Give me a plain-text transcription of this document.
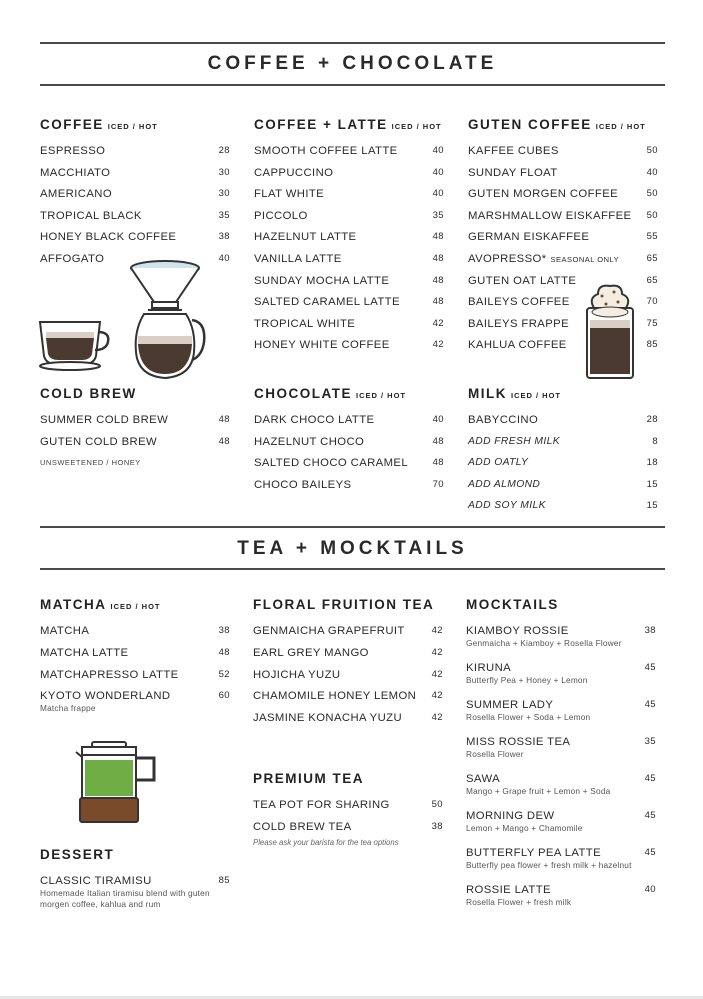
COFFEE + CHOCOLATE
COFFEE ICED / HOT
ESPRESSO	28
MACCHIATO	30
AMERICANO	30
TROPICAL BLACK	35
HONEY BLACK COFFEE	38
AFFOGATO	40
COFFEE + LATTE ICED / HOT
SMOOTH COFFEE LATTE	40
CAPPUCCINO	40
FLAT WHITE	40
PICCOLO	35
HAZELNUT LATTE	48
VANILLA LATTE	48
SUNDAY MOCHA LATTE	48
SALTED CARAMEL LATTE	48
TROPICAL WHITE	42
HONEY WHITE COFFEE	42
GUTEN COFFEE ICED / HOT
KAFFEE CUBES	50
SUNDAY FLOAT	40
GUTEN MORGEN COFFEE	50
MARSHMALLOW EISKAFFEE 50
GERMAN EISKAFFEE	55
AVOPRESSO* SEASONAL ONLY	65
GUTEN OAT LATTE	65
BAILEYS COFFEE	70
BAILEYS FRAPPE	75
KAHLUA COFFEE	85
COLD BREW
SUMMER COLD BREW	48
GUTEN COLD BREW	48
UNSWEETENED / HONEY
CHOCOLATE ICED / HOT
DARK CHOCO LATTE	40
HAZELNUT CHOCO	48
SALTED CHOCO CARAMEL	48
CHOCO BAILEYS	70
MILK ICED / HOT
BABYCCINO	28
ADD FRESH MILK	8
ADD OATLY	18
ADD ALMOND	15
ADD SOY MILK	15
TEA + MOCKTAILS
MATCHA ICED / HOT
MATCHA	38
MATCHA LATTE	48
MATCHAPRESSO LATTE	52
KYOTO WONDERLAND	60
Matcha frappe
FLORAL FRUITION TEA
GENMAICHA GRAPEFRUIT	42
EARL GREY MANGO	42
HOJICHA YUZU	42
CHAMOMILE HONEY LEMON 42
JASMINE KONACHA YUZU	42
PREMIUM TEA
TEA POT FOR SHARING	50
COLD BREW TEA	38
Please ask your barista for the tea options
MOCKTAILS
KIAMBOY ROSSIE	38
Genmaicha + Kiamboy + Rosella Flower
KIRUNA	45
Butterfly Pea + Honey + Lemon
SUMMER LADY	45
Rosella Flower + Soda + Lemon
MISS ROSSIE TEA	35
Rosella Flower
SAWA	45
Mango + Grape fruit + Lemon + Soda
MORNING DEW	45
Lemon + Mango + Chamomile
BUTTERFLY PEA LATTE	45
Butterfly pea flower + fresh milk + hazelnut
ROSSIE LATTE	40
Rosella Flower + fresh milk
DESSERT
CLASSIC TIRAMISU	85
Homemade Italian tiramisu blend with guten morgen coffee, kahlua and rum
